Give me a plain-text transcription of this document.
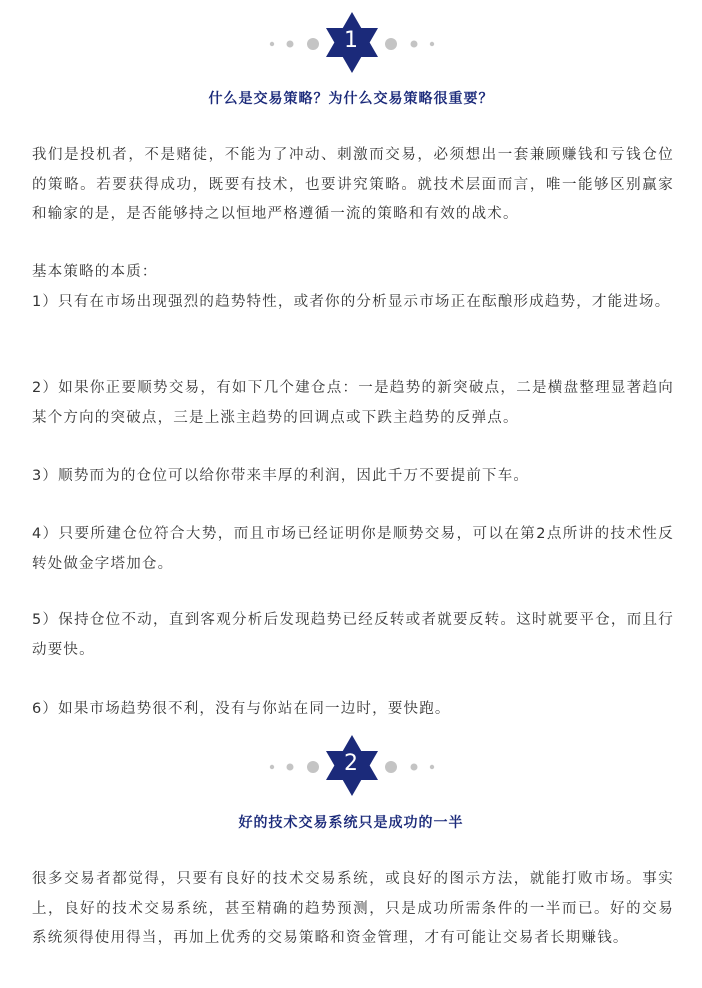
1
什么是交易策略？为什么交易策略很重要？

我们是投机者，不是赌徒，不能为了冲动、刺激而交易，必须想出一套兼顾赚钱和亏钱仓位的策略。若要获得成功，既要有技术，也要讲究策略。就技术层面而言，唯一能够区别赢家和输家的是，是否能够持之以恒地严格遵循一流的策略和有效的战术。

基本策略的本质：

1）只有在市场出现强烈的趋势特性，或者你的分析显示市场正在酝酿形成趋势，才能进场。

2）如果你正要顺势交易，有如下几个建仓点：一是趋势的新突破点，二是横盘整理显著趋向某个方向的突破点，三是上涨主趋势的回调点或下跌主趋势的反弹点。

3）顺势而为的仓位可以给你带来丰厚的利润，因此千万不要提前下车。

4）只要所建仓位符合大势，而且市场已经证明你是顺势交易，可以在第2点所讲的技术性反转处做金字塔加仓。

5）保持仓位不动，直到客观分析后发现趋势已经反转或者就要反转。这时就要平仓，而且行动要快。

6）如果市场趋势很不利，没有与你站在同一边时，要快跑。

2
好的技术交易系统只是成功的一半

很多交易者都觉得，只要有良好的技术交易系统，或良好的图示方法，就能打败市场。事实上，良好的技术交易系统，甚至精确的趋势预测，只是成功所需条件的一半而已。好的交易系统须得使用得当，再加上优秀的交易策略和资金管理，才有可能让交易者长期赚钱。
